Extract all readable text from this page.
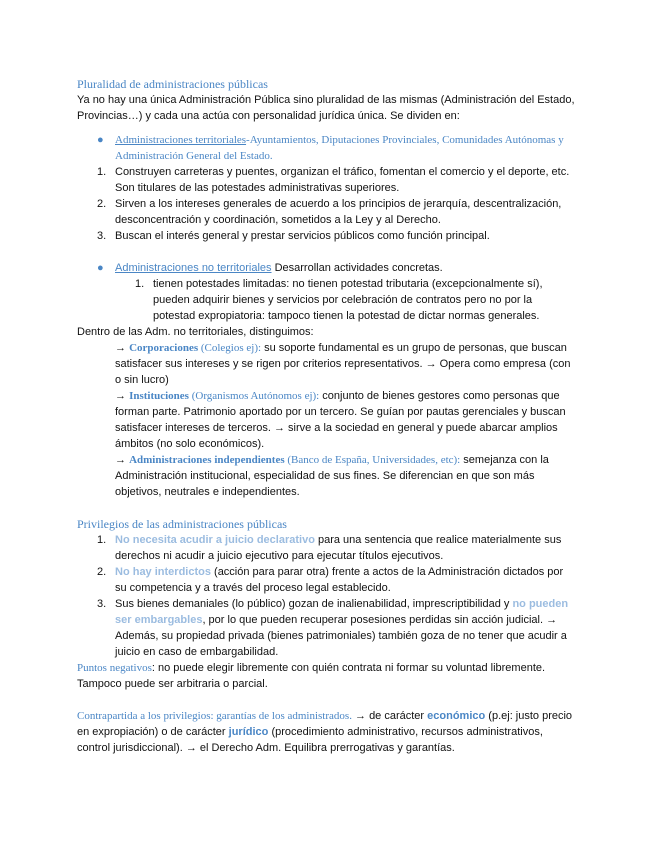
Pluralidad de administraciones públicas

Ya no hay una única Administración Pública sino pluralidad de las mismas (Administración del Estado, Provincias…) y cada una actúa con personalidad jurídica única. Se dividen en:

● Administraciones territoriales-Ayuntamientos, Diputaciones Provinciales, Comunidades Autónomas y Administración General del Estado.
1. Construyen carreteras y puentes, organizan el tráfico, fomentan el comercio y el deporte, etc. Son titulares de las potestades administrativas superiores.
2. Sirven a los intereses generales de acuerdo a los principios de jerarquía, descentralización, desconcentración y coordinación, sometidos a la Ley y al Derecho.
3. Buscan el interés general y prestar servicios públicos como función principal.
● Administraciones no territoriales Desarrollan actividades concretas.
1. tienen potestades limitadas: no tienen potestad tributaria (excepcionalmente sí), pueden adquirir bienes y servicios por celebración de contratos pero no por la potestad expropiatoria: tampoco tienen la potestad de dictar normas generales.

Dentro de las Adm. no territoriales, distinguimos:

→ Corporaciones (Colegios ej): su soporte fundamental es un grupo de personas, que buscan satisfacer sus intereses y se rigen por criterios representativos. → Opera como empresa (con o sin lucro)

→ Instituciones (Organismos Autónomos ej): conjunto de bienes gestores como personas que forman parte. Patrimonio aportado por un tercero. Se guían por pautas gerenciales y buscan satisfacer intereses de terceros. → sirve a la sociedad en general y puede abarcar amplios ámbitos (no solo económicos).

→ Administraciones independientes (Banco de España, Universidades, etc): semejanza con la Administración institucional, especialidad de sus fines. Se diferencian en que son más objetivos, neutrales e independientes.

Privilegios de las administraciones públicas

1. No necesita acudir a juicio declarativo para una sentencia que realice materialmente sus derechos ni acudir a juicio ejecutivo para ejecutar títulos ejecutivos.
2. No hay interdictos (acción para parar otra) frente a actos de la Administración dictados por su competencia y a través del proceso legal establecido.
3. Sus bienes demaniales (lo público) gozan de inalienabilidad, imprescriptibilidad y no pueden ser embargables, por lo que pueden recuperar posesiones perdidas sin acción judicial. → Además, su propiedad privada (bienes patrimoniales) también goza de no tener que acudir a juicio en caso de embargabilidad.

Puntos negativos: no puede elegir libremente con quién contrata ni formar su voluntad libremente. Tampoco puede ser arbitraria o parcial.

Contrapartida a los privilegios: garantías de los administrados. → de carácter económico (p.ej: justo precio en expropiación) o de carácter jurídico (procedimiento administrativo, recursos administrativos, control jurisdiccional). → el Derecho Adm. Equilibra prerrogativas y garantías.
